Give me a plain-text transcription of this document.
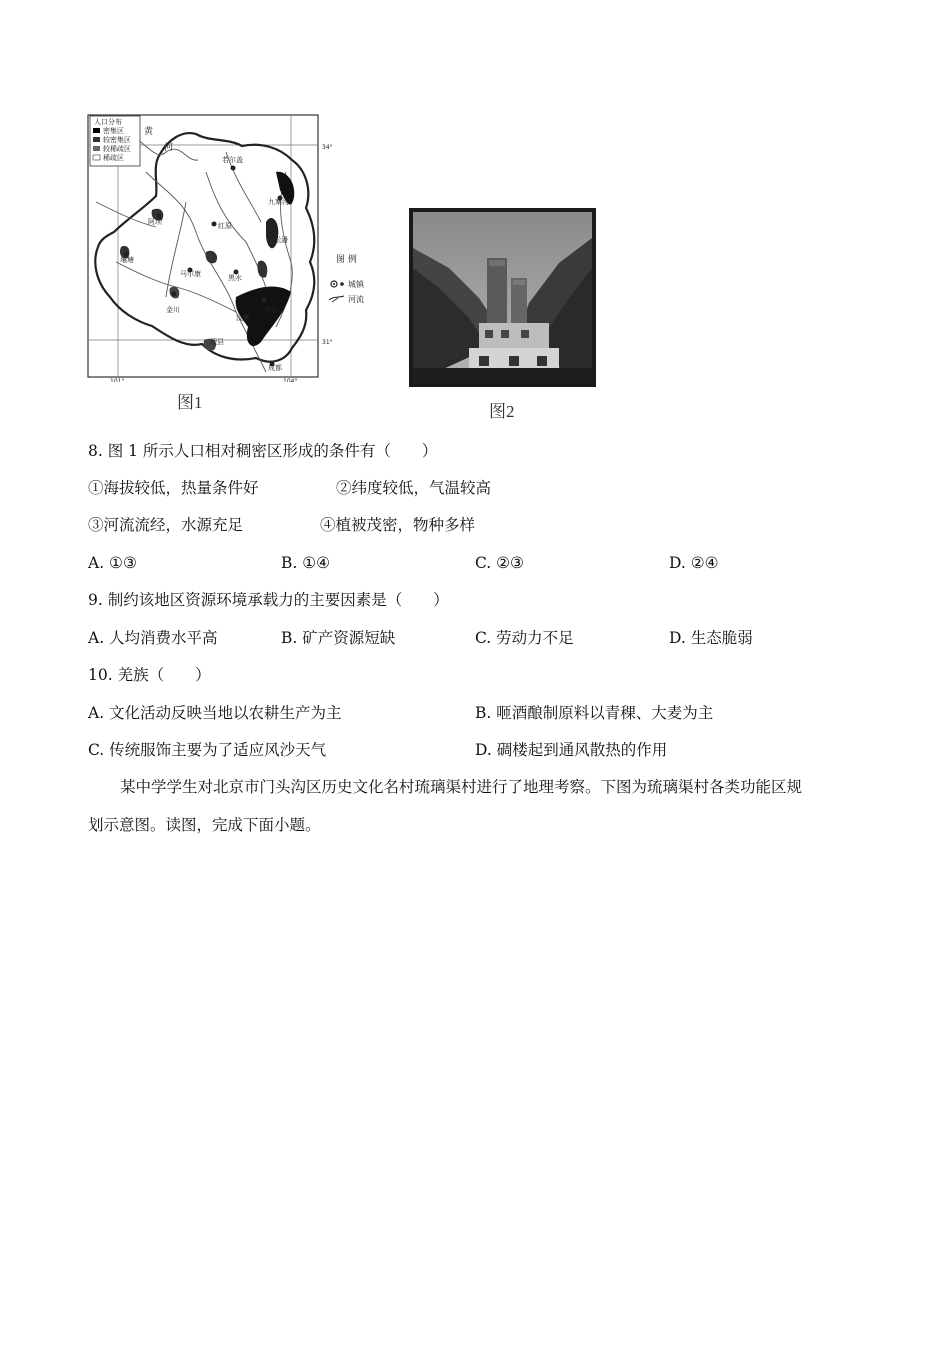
人口分布
密集区
较密集区
较稀疏区
稀疏区
黄
河
若尔盖
九寨沟
阿坝	红原
壤塘
马尔康	黑水
松潘
金川	茂县
汶川
理县
成都
34°
31°
101°	104°
图 例
城镇
河流
图1	图2
8. 图 1 所示人口相对稠密区形成的条件有（　　）
①海拔较低，热量条件好	②纬度较低，气温较高
③河流流经，水源充足	④植被茂密，物种多样
A. ①③	B. ①④	C. ②③	D. ②④
9. 制约该地区资源环境承载力的主要因素是（　　）
A. 人均消费水平高	B. 矿产资源短缺	C. 劳动力不足	D. 生态脆弱
10. 羌族（　　）
A. 文化活动反映当地以农耕生产为主	B. 咂酒酿制原料以青稞、大麦为主
C. 传统服饰主要为了适应风沙天气	D. 碉楼起到通风散热的作用
某中学学生对北京市门头沟区历史文化名村琉璃渠村进行了地理考察。下图为琉璃渠村各类功能区规
划示意图。读图，完成下面小题。
